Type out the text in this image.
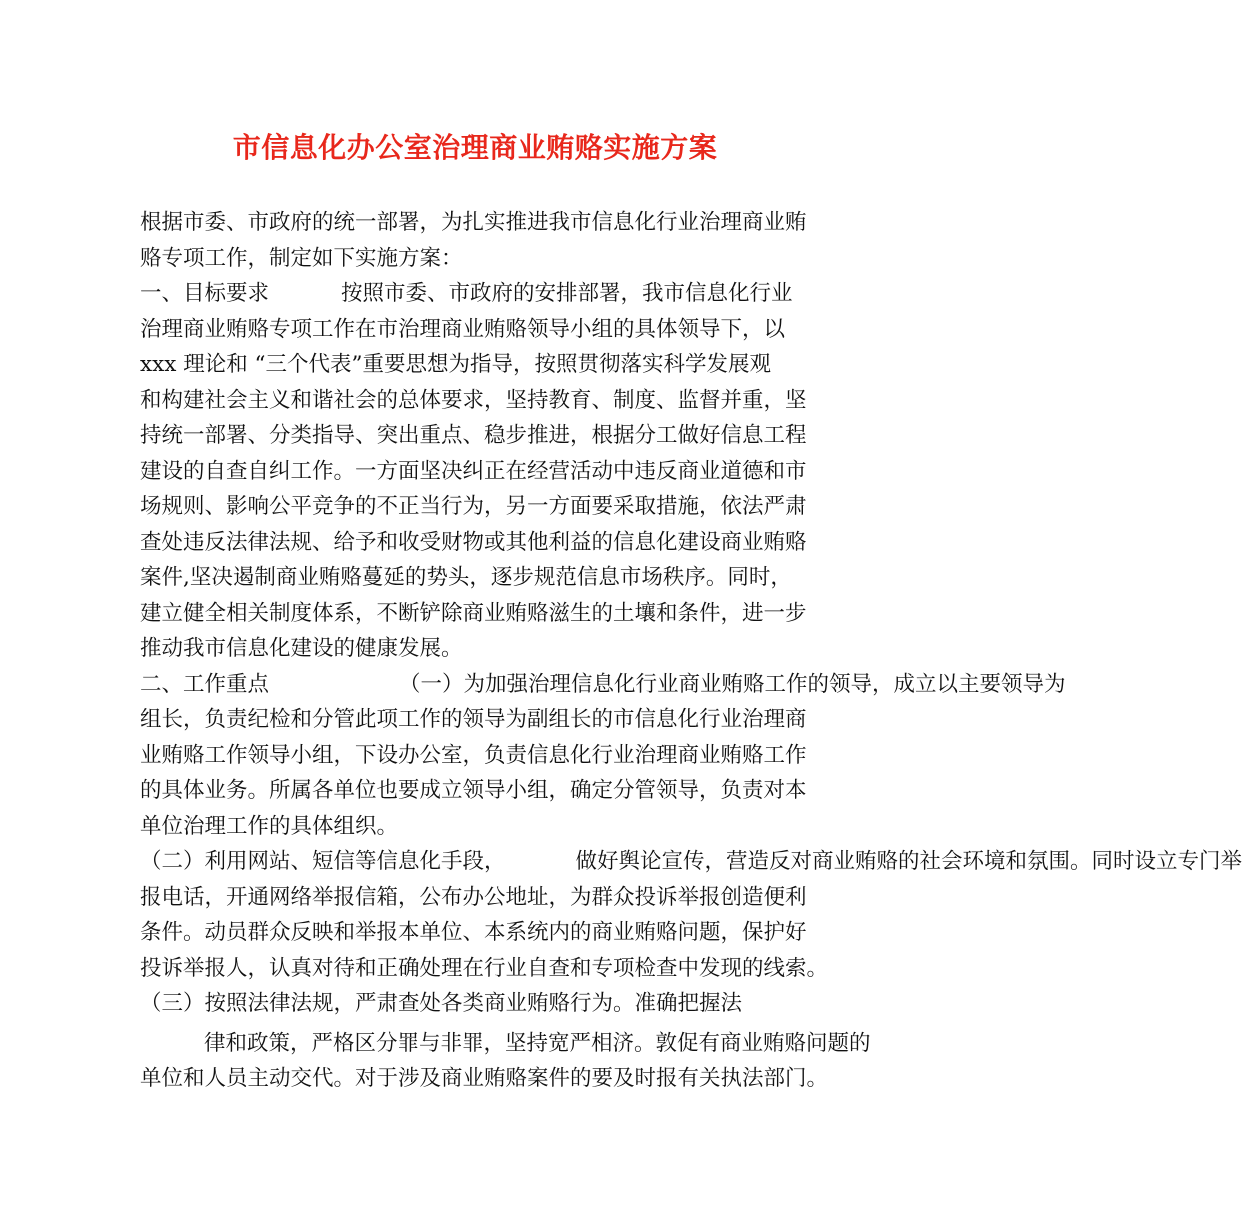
市信息化办公室治理商业贿赂实施方案
根据市委、市政府的统一部署，为扎实推进我市信息化行业治理商业贿
赂专项工作，制定如下实施方案：
一、目标要求	按照市委、市政府的安排部署，我市信息化行业
治理商业贿赂专项工作在市治理商业贿赂领导小组的具体领导下，以
xxx 理论和 “三个代表”重要思想为指导，按照贯彻落实科学发展观
和构建社会主义和谐社会的总体要求，坚持教育、制度、监督并重，坚
持统一部署、分类指导、突出重点、稳步推进，根据分工做好信息工程
建设的自查自纠工作。一方面坚决纠正在经营活动中违反商业道德和市
场规则、影响公平竞争的不正当行为，另一方面要采取措施，依法严肃
查处违反法律法规、给予和收受财物或其他利益的信息化建设商业贿赂
案件,坚决遏制商业贿赂蔓延的势头，逐步规范信息市场秩序。同时，
建立健全相关制度体系，不断铲除商业贿赂滋生的土壤和条件，进一步
推动我市信息化建设的健康发展。
二、工作重点	（一）为加强治理信息化行业商业贿赂工作的领导，成立以主要领导为
组长，负责纪检和分管此项工作的领导为副组长的市信息化行业治理商
业贿赂工作领导小组，下设办公室，负责信息化行业治理商业贿赂工作
的具体业务。所属各单位也要成立领导小组，确定分管领导，负责对本
单位治理工作的具体组织。
（二）利用网站、短信等信息化手段，	做好舆论宣传，营造反对商业贿赂的社会环境和氛围。同时设立专门举
报电话，开通网络举报信箱，公布办公地址，为群众投诉举报创造便利
条件。动员群众反映和举报本单位、本系统内的商业贿赂问题，保护好
投诉举报人，认真对待和正确处理在行业自查和专项检查中发现的线索。
（三）按照法律法规，严肃查处各类商业贿赂行为。准确把握法
律和政策，严格区分罪与非罪，坚持宽严相济。敦促有商业贿赂问题的
单位和人员主动交代。对于涉及商业贿赂案件的要及时报有关执法部门。
